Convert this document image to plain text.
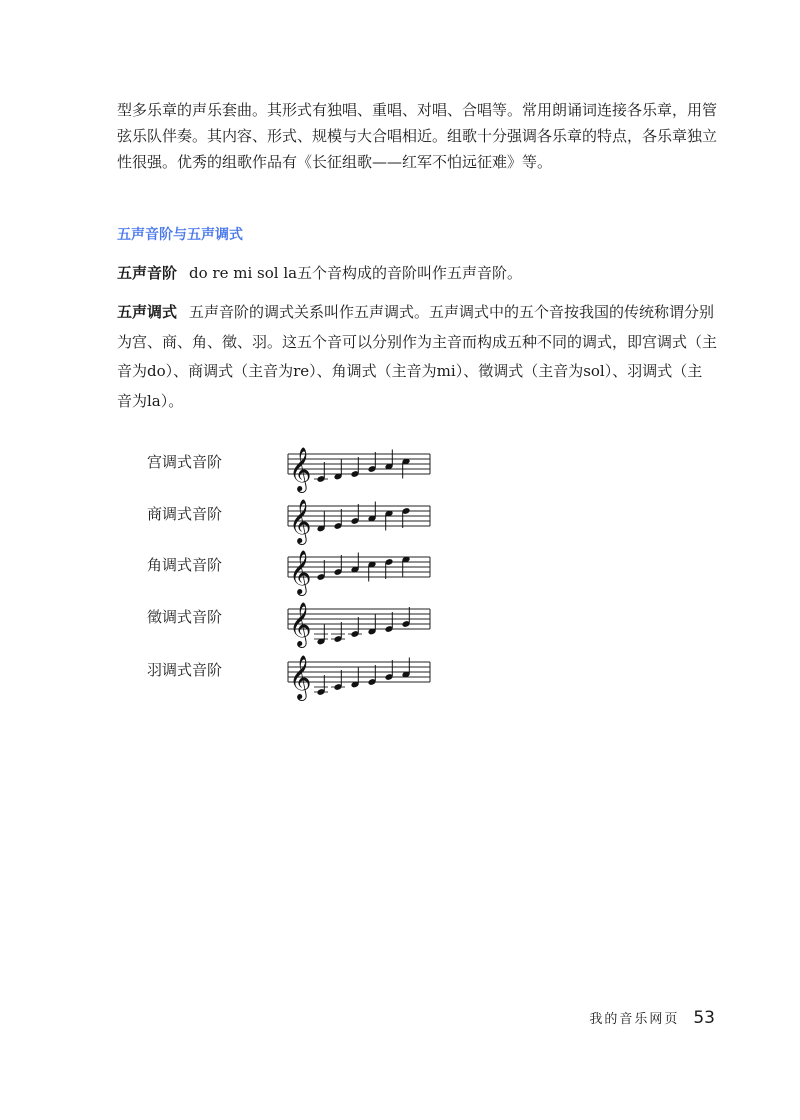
型多乐章的声乐套曲。其形式有独唱、重唱、对唱、合唱等。常用朗诵词连接各乐章，用管弦乐队伴奏。其内容、形式、规模与大合唱相近。组歌十分强调各乐章的特点，各乐章独立性很强。优秀的组歌作品有《长征组歌——红军不怕远征难》等。

五声音阶与五声调式

五声音阶 do re mi sol la五个音构成的音阶叫作五声音阶。

五声调式 五声音阶的调式关系叫作五声调式。五声调式中的五个音按我国的传统称谓分别为宫、商、角、徵、羽。这五个音可以分别作为主音而构成五种不同的调式，即宫调式（主音为do）、商调式（主音为re）、角调式（主音为mi）、徵调式（主音为sol）、羽调式（主音为la）。

宫调式音阶	𝄞
商调式音阶	𝄞
角调式音阶	𝄞
徵调式音阶	𝄞
羽调式音阶	𝄞
我的音乐网页 53
